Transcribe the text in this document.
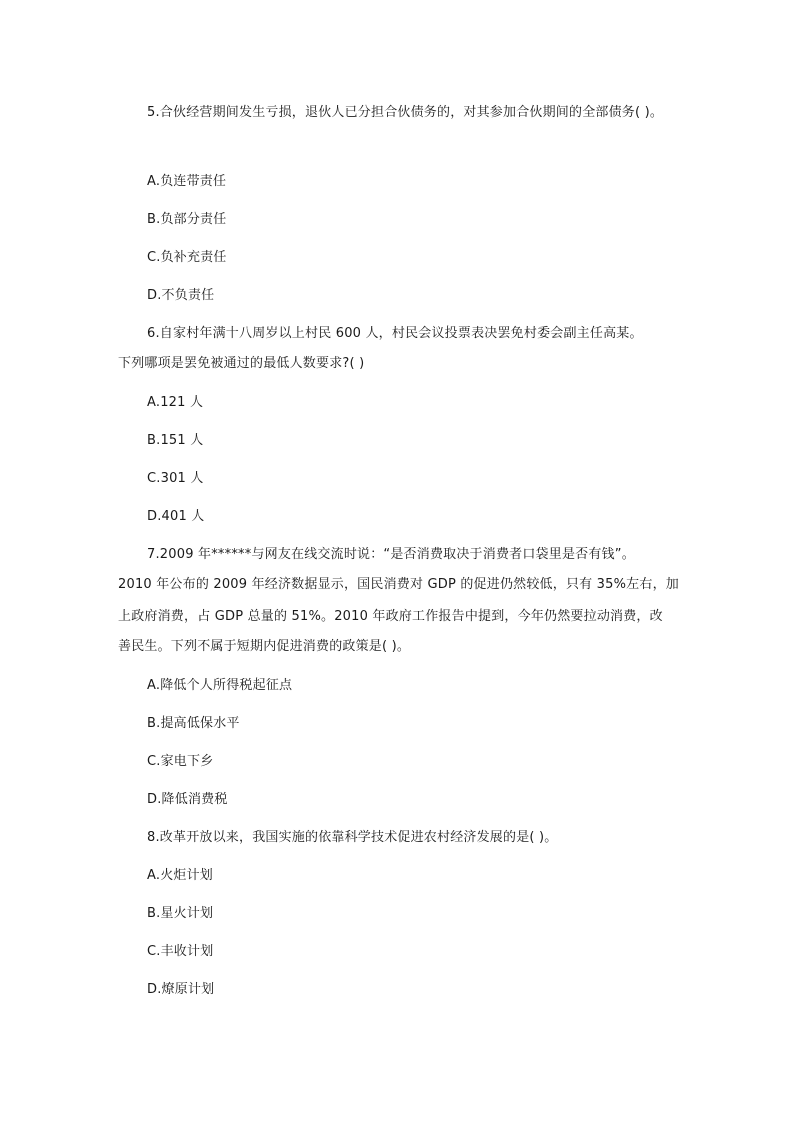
5.合伙经营期间发生亏损，退伙人已分担合伙债务的，对其参加合伙期间的全部债务( )。
A.负连带责任
B.负部分责任
C.负补充责任
D.不负责任
6.自家村年满十八周岁以上村民 600 人，村民会议投票表决罢免村委会副主任高某。
下列哪项是罢免被通过的最低人数要求?( )
A.121 人
B.151 人
C.301 人
D.401 人
7.2009 年******与网友在线交流时说：“是否消费取决于消费者口袋里是否有钱”。
2010 年公布的 2009 年经济数据显示，国民消费对 GDP 的促进仍然较低，只有 35%左右，加
上政府消费，占 GDP 总量的 51%。2010 年政府工作报告中提到，今年仍然要拉动消费，改
善民生。下列不属于短期内促进消费的政策是( )。
A.降低个人所得税起征点
B.提高低保水平
C.家电下乡
D.降低消费税
8.改革开放以来，我国实施的依靠科学技术促进农村经济发展的是( )。
A.火炬计划
B.星火计划
C.丰收计划
D.燎原计划
